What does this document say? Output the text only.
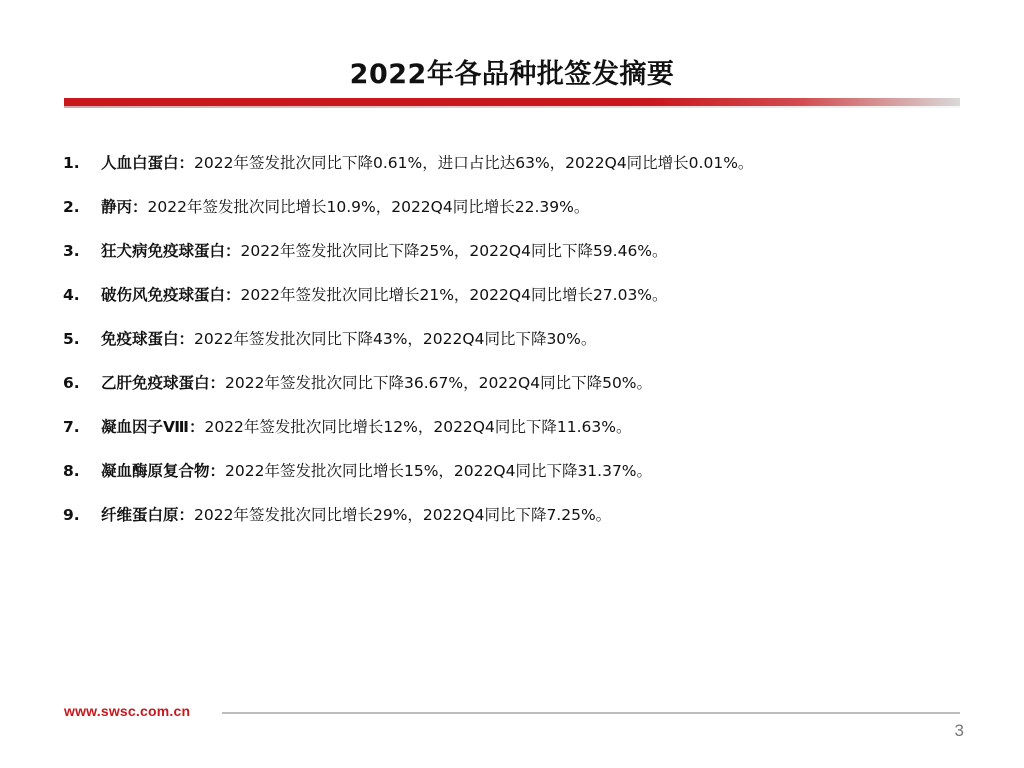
2022年各品种批签发摘要
1.	人血白蛋白 ： 2022年签发批次同比下降0.61%，进口占比达63%，2022Q4同比增长0.01%。
2.	静丙 ： 2022年签发批次同比增长10.9%，2022Q4同比增长22.39%。
3.	狂犬病免疫球蛋白 ： 2022年签发批次同比下降25%，2022Q4同比下降59.46%。
4.	破伤风免疫球蛋白 ： 2022年签发批次同比增长21%，2022Q4同比增长27.03%。
5.	免疫球蛋白 ： 2022年签发批次同比下降43%，2022Q4同比下降30%。
6.	乙肝免疫球蛋白 ： 2022年签发批次同比下降36.67%，2022Q4同比下降50%。
7.	凝血因子Ⅷ ： 2022年签发批次同比增长12%，2022Q4同比下降11.63%。
8.	凝血酶原复合物 ： 2022年签发批次同比增长15%，2022Q4同比下降31.37%。
9.	纤维蛋白原 ： 2022年签发批次同比增长29%，2022Q4同比下降7.25%。
www.swsc.com.cn
3
